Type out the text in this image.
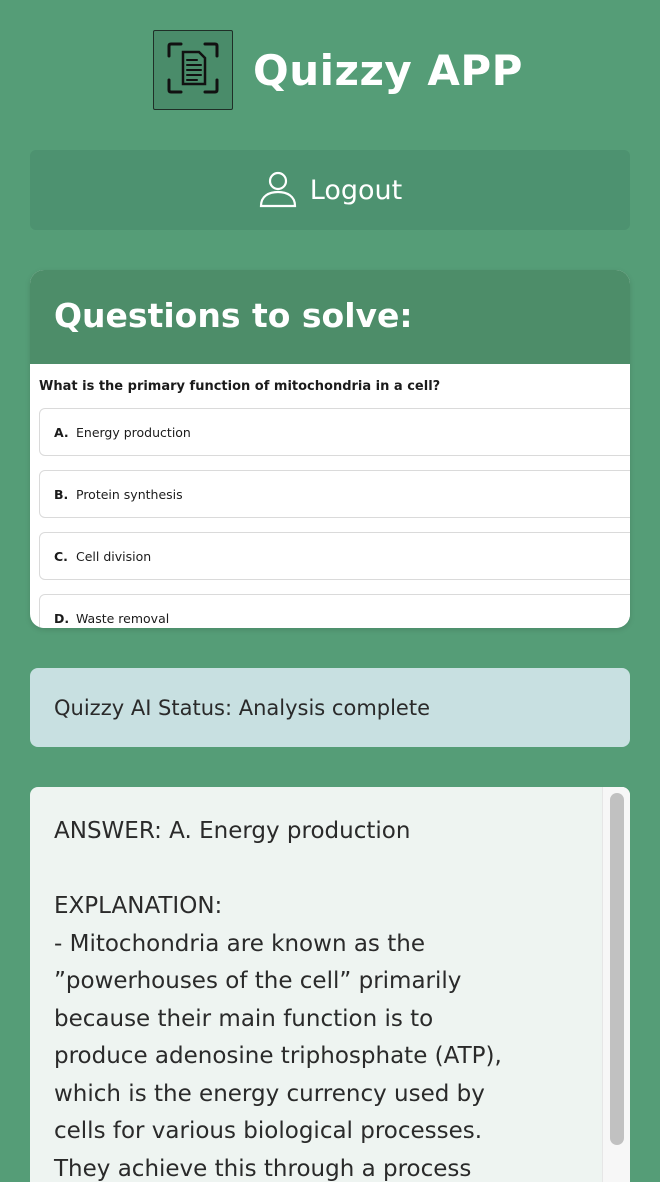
Quizzy APP
Logout
Questions to solve:
What is the primary function of mitochondria in a cell?
A. Energy production
B. Protein synthesis
C. Cell division
D. Waste removal
Quizzy AI Status: Analysis complete
ANSWER: A. Energy production

EXPLANATION:
- Mitochondria are known as the ”powerhouses of the cell” primarily because their main function is to produce adenosine triphosphate (ATP), which is the energy currency used by cells for various biological processes. They achieve this through a process
